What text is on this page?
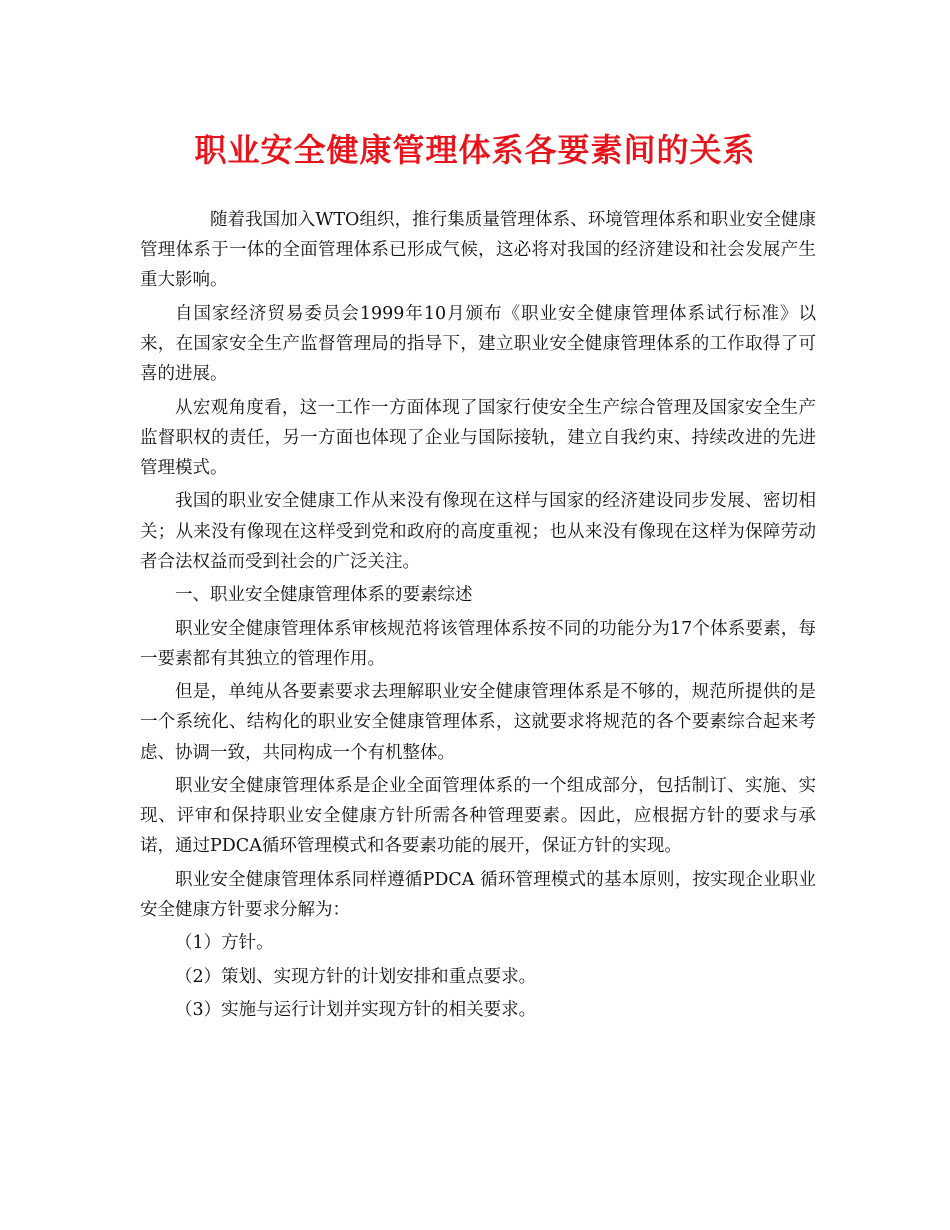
职业安全健康管理体系各要素间的关系

随着我国加入WTO组织，推行集质量管理体系、环境管理体系和职业安全健康管理体系于一体的全面管理体系已形成气候，这必将对我国的经济建设和社会发展产生重大影响。

自国家经济贸易委员会1999年10月颁布《职业安全健康管理体系试行标准》以来，在国家安全生产监督管理局的指导下，建立职业安全健康管理体系的工作取得了可喜的进展。

从宏观角度看，这一工作一方面体现了国家行使安全生产综合管理及国家安全生产监督职权的责任，另一方面也体现了企业与国际接轨，建立自我约束、持续改进的先进管理模式。

我国的职业安全健康工作从来没有像现在这样与国家的经济建设同步发展、密切相关；从来没有像现在这样受到党和政府的高度重视；也从来没有像现在这样为保障劳动者合法权益而受到社会的广泛关注。

一、职业安全健康管理体系的要素综述

职业安全健康管理体系审核规范将该管理体系按不同的功能分为17个体系要素，每一要素都有其独立的管理作用。

但是，单纯从各要素要求去理解职业安全健康管理体系是不够的，规范所提供的是一个系统化、结构化的职业安全健康管理体系，这就要求将规范的各个要素综合起来考虑、协调一致，共同构成一个有机整体。

职业安全健康管理体系是企业全面管理体系的一个组成部分，包括制订、实施、实现、评审和保持职业安全健康方针所需各种管理要素。因此，应根据方针的要求与承诺，通过PDCA循环管理模式和各要素功能的展开，保证方针的实现。

职业安全健康管理体系同样遵循PDCA 循环管理模式的基本原则，按实现企业职业安全健康方针要求分解为：

（1）方针。

（2）策划、实现方针的计划安排和重点要求。

（3）实施与运行计划并实现方针的相关要求。
